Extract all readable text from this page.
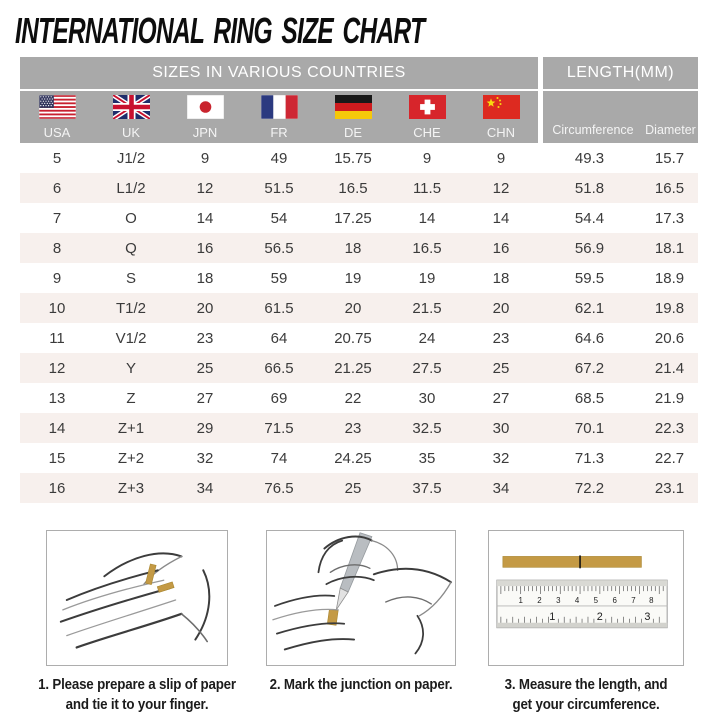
INTERNATIONAL RING SIZE CHART
SIZES IN VARIOUS COUNTRIES	LENGTH(MM)
USA	UK	JPN	FR	DE	CHE	CHN	Circumference Diameter
5	J1/2	9	49	15.75	9	9	49.3	15.7
6	L1/2	12	51.5	16.5	11.5	12	51.8	16.5
7	O	14	54	17.25	14	14	54.4	17.3
8	Q	16	56.5	18	16.5	16	56.9	18.1
9	S	18	59	19	19	18	59.5	18.9
10	T1/2	20	61.5	20	21.5	20	62.1	19.8
11	V1/2	23	64	20.75	24	23	64.6	20.6
12	Y	25	66.5	21.25	27.5	25	67.2	21.4
13	Z	27	69	22	30	27	68.5	21.9
14	Z+1	29	71.5	23	32.5	30	70.1	22.3
15	Z+2	32	74	24.25	35	32	71.3	22.7
16	Z+3	34	76.5	25	37.5	34	72.2	23.1
1. Please prepare a slip of paper
and tie it to your finger.
2. Mark the junction on paper.
1 2 3 4 5 6 7 8
1	2	3
3. Measure the length, and
get your circumference.
